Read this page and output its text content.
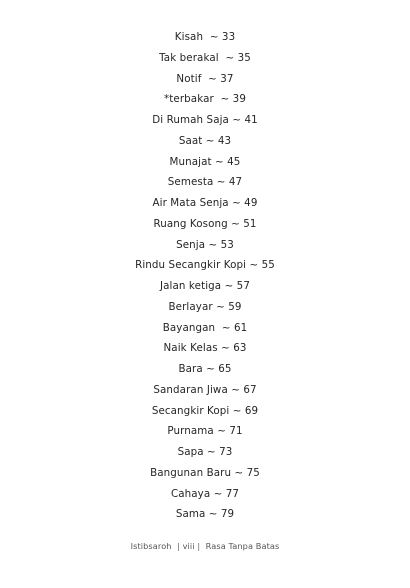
Kisah  ~ 33
Tak berakal  ~ 35
Notif  ~ 37
*terbakar  ~ 39
Di Rumah Saja ~ 41
Saat ~ 43
Munajat ~ 45
Semesta ~ 47
Air Mata Senja ~ 49
Ruang Kosong ~ 51
Senja ~ 53
Rindu Secangkir Kopi ~ 55
Jalan ketiga ~ 57
Berlayar ~ 59
Bayangan  ~ 61
Naik Kelas ~ 63
Bara ~ 65
Sandaran Jiwa ~ 67
Secangkir Kopi ~ 69
Purnama ~ 71
Sapa ~ 73
Bangunan Baru ~ 75
Cahaya ~ 77
Sama ~ 79
Istibsaroh | viii | Rasa Tanpa Batas
